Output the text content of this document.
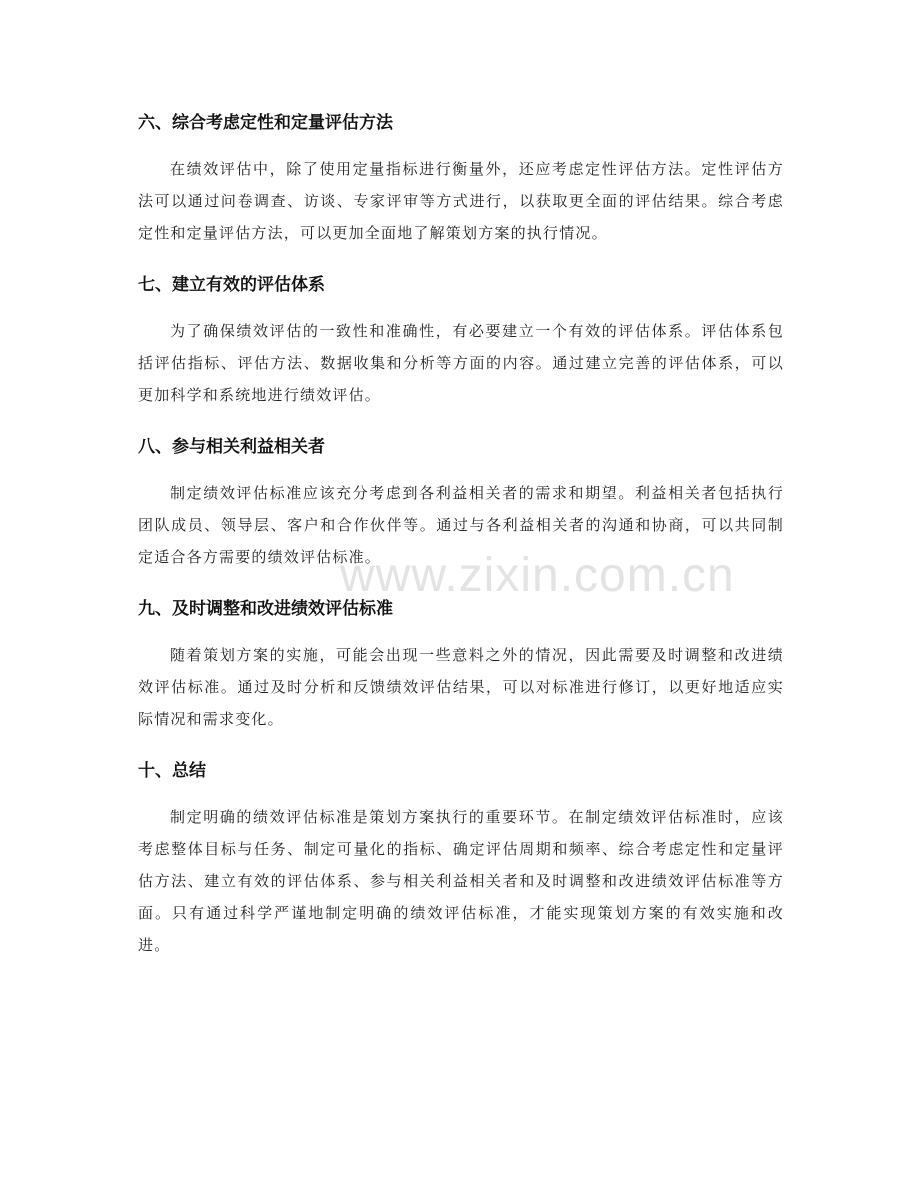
www.zixin.com.cn
六、综合考虑定性和定量评估方法

在绩效评估中，除了使用定量指标进行衡量外，还应考虑定性评估方法。定性评估方法可以通过问卷调查、访谈、专家评审等方式进行，以获取更全面的评估结果。综合考虑定性和定量评估方法，可以更加全面地了解策划方案的执行情况。

七、建立有效的评估体系

为了确保绩效评估的一致性和准确性，有必要建立一个有效的评估体系。评估体系包括评估指标、评估方法、数据收集和分析等方面的内容。通过建立完善的评估体系，可以更加科学和系统地进行绩效评估。

八、参与相关利益相关者

制定绩效评估标准应该充分考虑到各利益相关者的需求和期望。利益相关者包括执行团队成员、领导层、客户和合作伙伴等。通过与各利益相关者的沟通和协商，可以共同制定适合各方需要的绩效评估标准。

九、及时调整和改进绩效评估标准

随着策划方案的实施，可能会出现一些意料之外的情况，因此需要及时调整和改进绩效评估标准。通过及时分析和反馈绩效评估结果，可以对标准进行修订，以更好地适应实际情况和需求变化。

十、总结

制定明确的绩效评估标准是策划方案执行的重要环节。在制定绩效评估标准时，应该考虑整体目标与任务、制定可量化的指标、确定评估周期和频率、综合考虑定性和定量评估方法、建立有效的评估体系、参与相关利益相关者和及时调整和改进绩效评估标准等方面。只有通过科学严谨地制定明确的绩效评估标准，才能实现策划方案的有效实施和改进。
